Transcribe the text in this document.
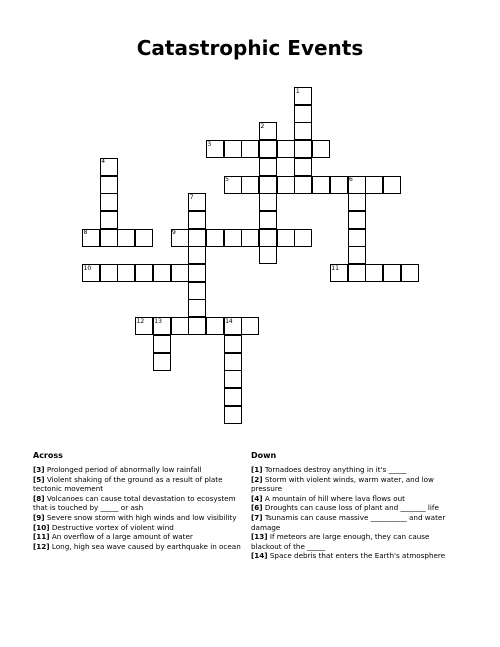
Catastrophic Events
1
2
3
4
5	6
7
8	9
10	11
12 13	14
Across
[3] Prolonged period of abnormally low rainfall
[5] Violent shaking of the ground as a result of plate tectonic movement
[8] Volcanoes can cause total devastation to ecosystem that is touched by _____ or ash
[9] Severe snow storm with high winds and low visibility
[10] Destructive vortex of violent wind
[11] An overflow of a large amount of water
[12] Long, high sea wave caused by earthquake in ocean
Down
[1] Tornadoes destroy anything in it's _____
[2] Storm with violent winds, warm water, and low pressure
[4] A mountain of hill where lava flows out
[6] Droughts can cause loss of plant and _______ life
[7] Tsunamis can cause massive __________ and water damage
[13] If meteors are large enough, they can cause blackout of the _____
[14] Space debris that enters the Earth's atmosphere
